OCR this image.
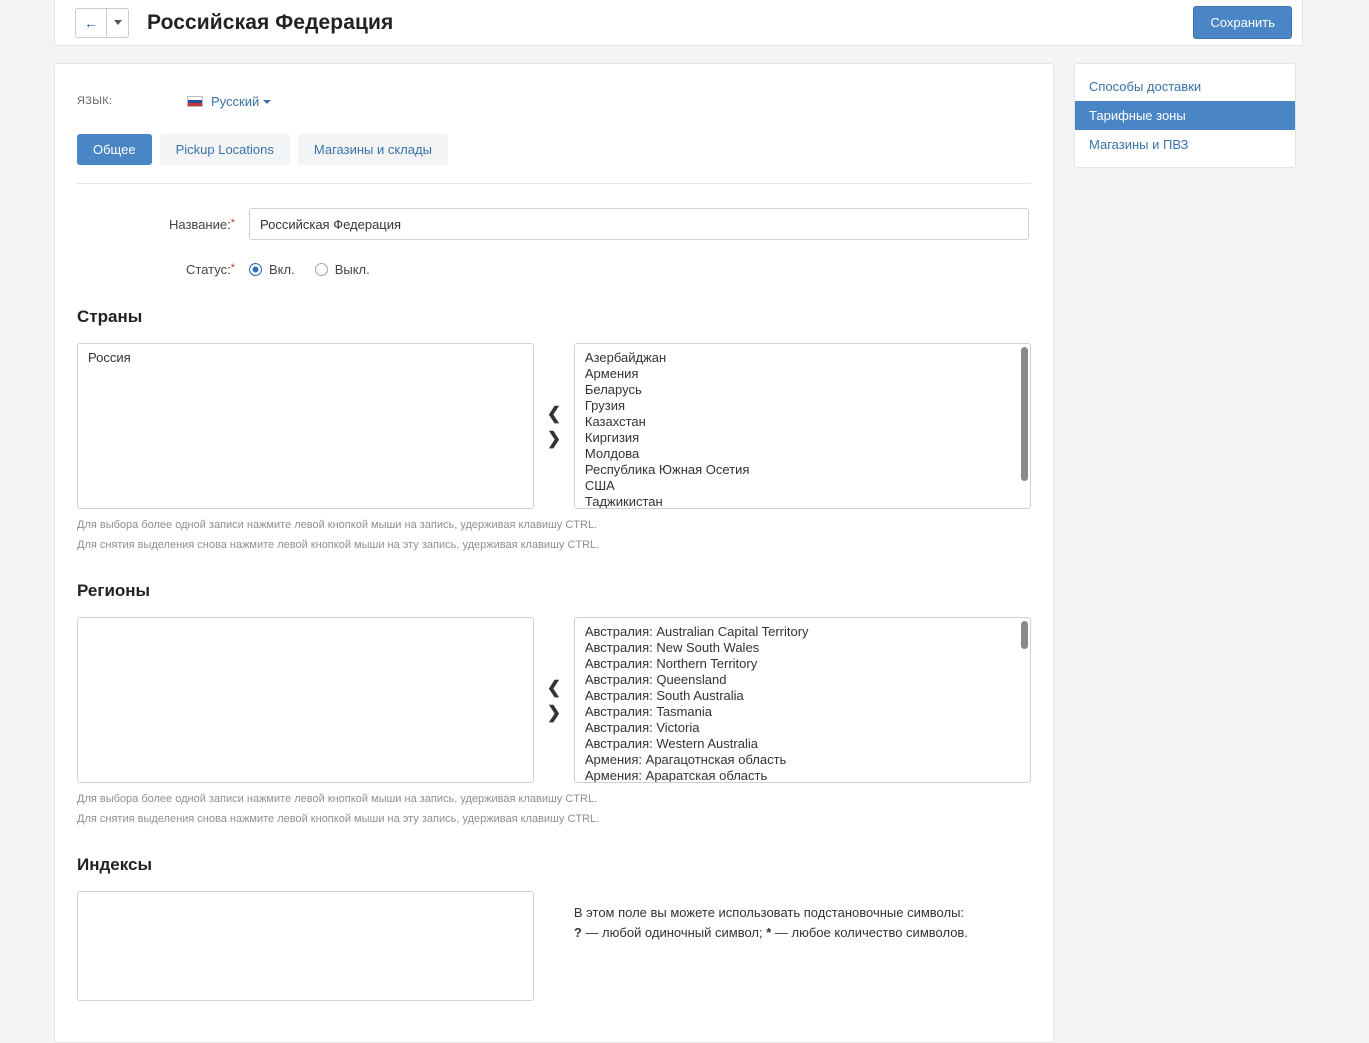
←	Российская Федерация	Сохранить
Способы доставки
Тарифные зоны
Магазины и ПВЗ
ЯЗЫК:	Русский
Общее	Pickup Locations	Магазины и склады
Название:*
Российская Федерация
Статус:*	Вкл.	Выкл.
Страны
Россия
❮
❯
Азербайджан
Армения
Беларусь
Грузия
Казахстан
Киргизия
Молдова
Республика Южная Осетия
США
Таджикистан
Для выбора более одной записи нажмите левой кнопкой мыши на запись, удерживая клавишу CTRL.
Для снятия выделения снова нажмите левой кнопкой мыши на эту запись, удерживая клавишу CTRL.
Регионы
❮
❯
Австралия: Australian Capital Territory
Австралия: New South Wales
Австралия: Northern Territory
Австралия: Queensland
Австралия: South Australia
Австралия: Tasmania
Австралия: Victoria
Австралия: Western Australia
Армения: Арагацотнская область
Армения: Араратская область
Для выбора более одной записи нажмите левой кнопкой мыши на запись, удерживая клавишу CTRL.
Для снятия выделения снова нажмите левой кнопкой мыши на эту запись, удерживая клавишу CTRL.
Индексы
В этом поле вы можете использовать подстановочные символы:
? — любой одиночный символ; * — любое количество символов.
